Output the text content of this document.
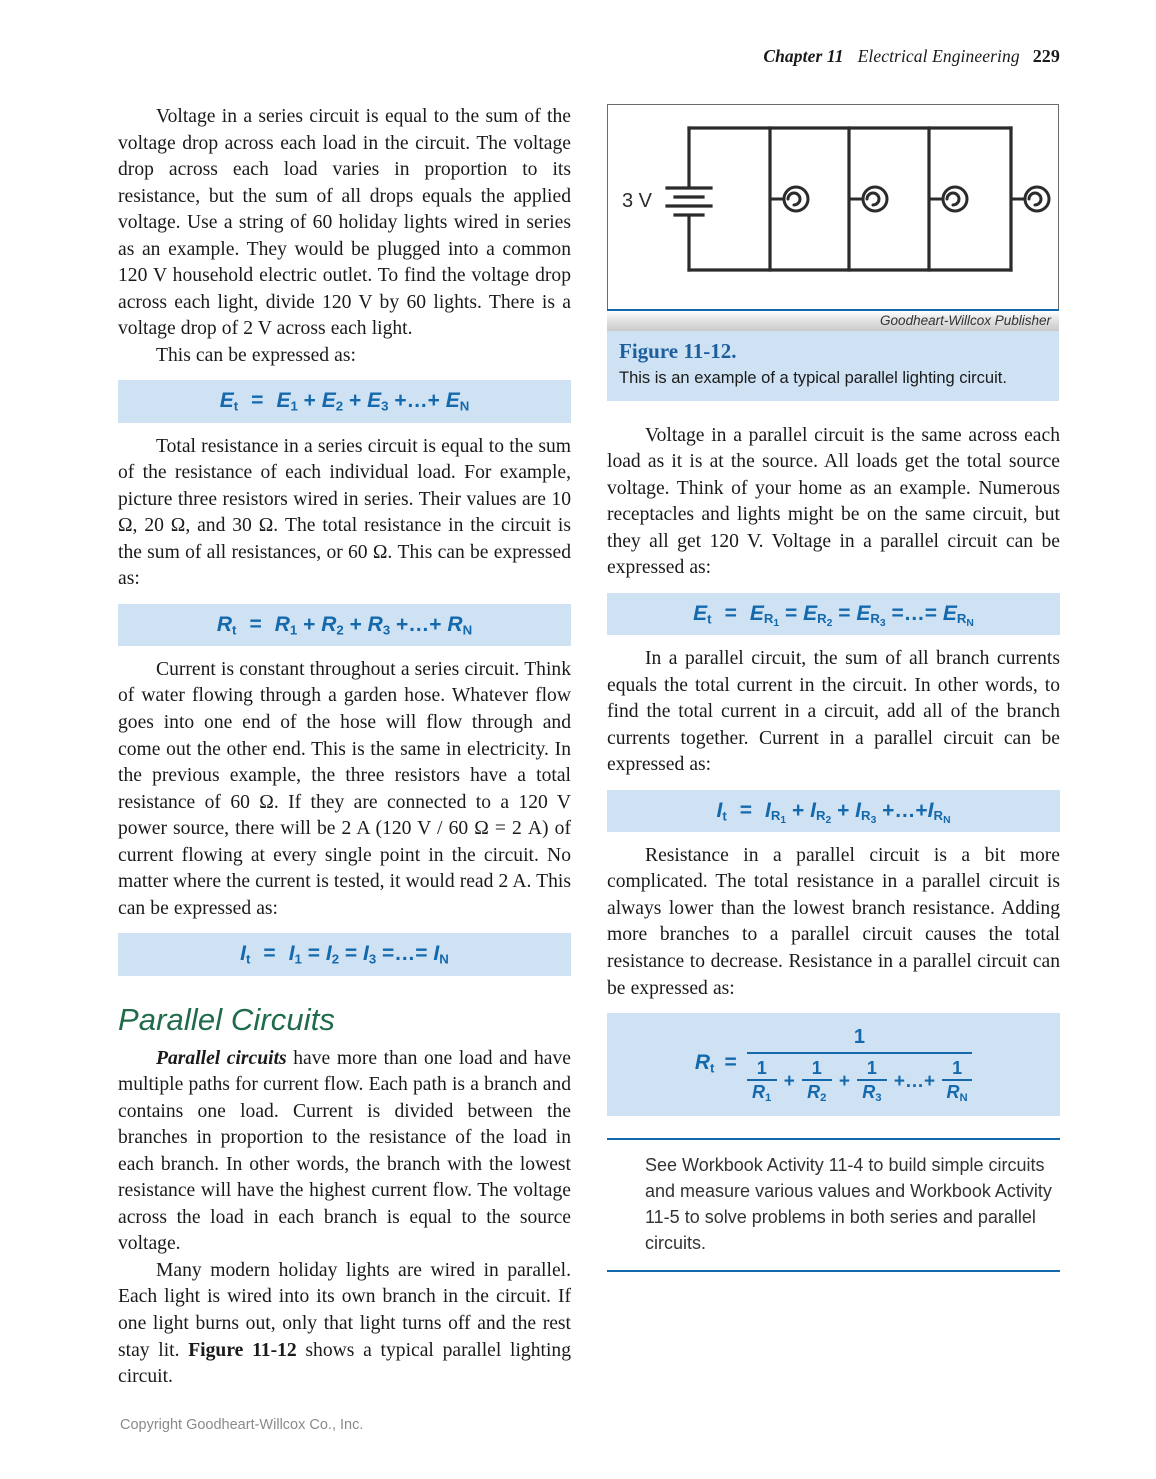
Chapter 11 Electrical Engineering 229

Voltage in a series circuit is equal to the sum of the voltage drop across each load in the circuit. The voltage drop across each load varies in proportion to its resistance, but the sum of all drops equals the applied voltage. Use a string of 60 holiday lights wired in series as an example. They would be plugged into a common 120 V household electric outlet. To find the voltage drop across each light, divide 120 V by 60 lights. There is a voltage drop of 2 V across each light.

This can be expressed as:

$E_t = E_1 + E_2 + E_3$ +…+ $E_N$

Total resistance in a series circuit is equal to the sum of the resistance of each individual load. For example, picture three resistors wired in series. Their values are 10 Ω, 20 Ω, and 30 Ω. The total resistance in the circuit is the sum of all resistances, or 60 Ω. This can be expressed as:

$R_t = R_1 + R_2 + R_3$ +…+ $R_N$

Current is constant throughout a series circuit. Think of water flowing through a garden hose. Whatever flow goes into one end of the hose will flow through and come out the other end. This is the same in electricity. In the previous example, the three resistors have a total resistance of 60 Ω. If they are connected to a 120 V power source, there will be 2 A (120 V / 60 Ω = 2 A) of current flowing at every single point in the circuit. No matter where the current is tested, it would read 2 A. This can be expressed as:

$I_t = I_1 = I_2 = I_3$ =…= $I_N$
Parallel Circuits

Parallel circuits have more than one load and have multiple paths for current flow. Each path is a branch and contains one load. Current is divided between the branches in proportion to the resistance of the load in each branch. In other words, the branch with the lowest resistance will have the highest current flow. The voltage across the load in each branch is equal to the source voltage.

Many modern holiday lights are wired in parallel. Each light is wired into its own branch in the circuit. If one light burns out, only that light turns off and the rest stay lit. Figure 11-12 shows a typical parallel lighting circuit.

3 V
Goodheart-Willcox Publisher
Figure 11-12.
This is an example of a typical parallel lighting circuit.

Voltage in a parallel circuit is the same across each load as it is at the source. All loads get the total source voltage. Think of your home as an example. Numerous receptacles and lights might be on the same circuit, but they all get 120 V. Voltage in a parallel circuit can be expressed as:

$E_t = E_{R_1} = E_{R_2} = E_{R_3}$ =…= $E_{R_N}$

In a parallel circuit, the sum of all branch currents equals the total current in the circuit. In other words, to find the total current in a circuit, add all of the branch currents together. Current in a parallel circuit can be expressed as:

$I_t = I_{R_1} + I_{R_2} + I_{R_3}$ $+\dots+I_{R_N}$

Resistance in a parallel circuit is a bit more complicated. The total resistance in a parallel circuit is always lower than the lowest branch resistance. Adding more branches to a parallel circuit causes the total resistance to decrease. Resistance in a parallel circuit can be expressed as:

$R_t$ =
1
1
$R_1$
+
1
$R_2$
+
1
$R_3$
+…+
1
$R_N$

See Workbook Activity 11-4 to build simple circuits and measure various values and Workbook Activity 11-5 to solve problems in both series and parallel circuits.

Copyright Goodheart-Willcox Co., Inc.
